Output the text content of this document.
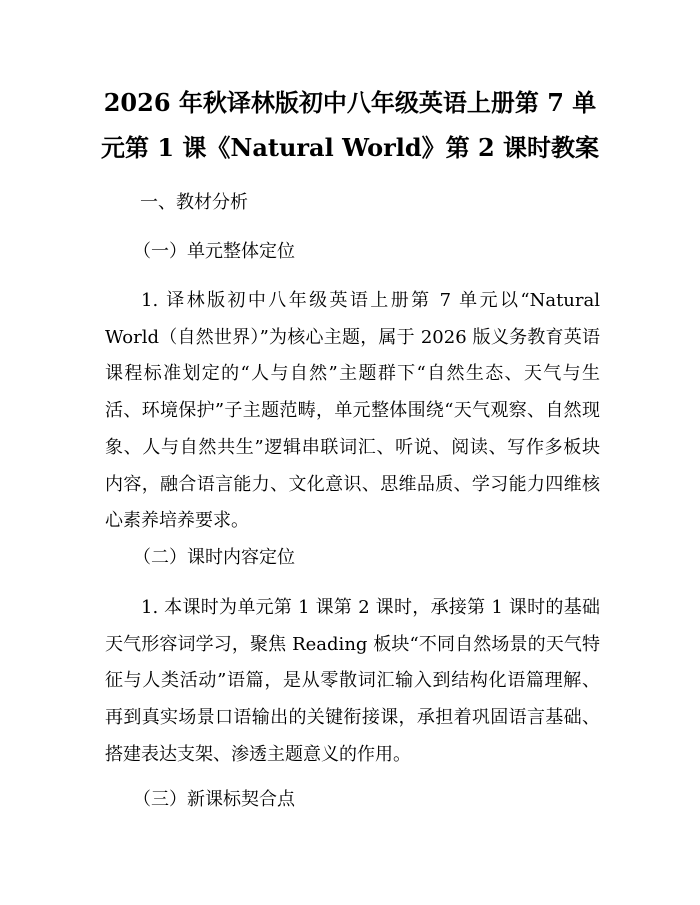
2026 年秋译林版初中八年级英语上册第 7 单
元第 1 课《Natural World》第 2 课时教案

一、教材分析

（一）单元整体定位

1. 译林版初中八年级英语上册第 7 单元以“Natural World（自然世界）”为核心主题，属于 2026 版义务教育英语课程标准划定的“人与自然”主题群下“自然生态、天气与生活、环境保护”子主题范畴，单元整体围绕“天气观察、自然现象、人与自然共生”逻辑串联词汇、听说、阅读、写作多板块内容，融合语言能力、文化意识、思维品质、学习能力四维核心素养培养要求。

（二）课时内容定位

1. 本课时为单元第 1 课第 2 课时，承接第 1 课时的基础天气形容词学习，聚焦 Reading 板块“不同自然场景的天气特征与人类活动”语篇，是从零散词汇输入到结构化语篇理解、再到真实场景口语输出的关键衔接课，承担着巩固语言基础、搭建表达支架、渗透主题意义的作用。

（三）新课标契合点
